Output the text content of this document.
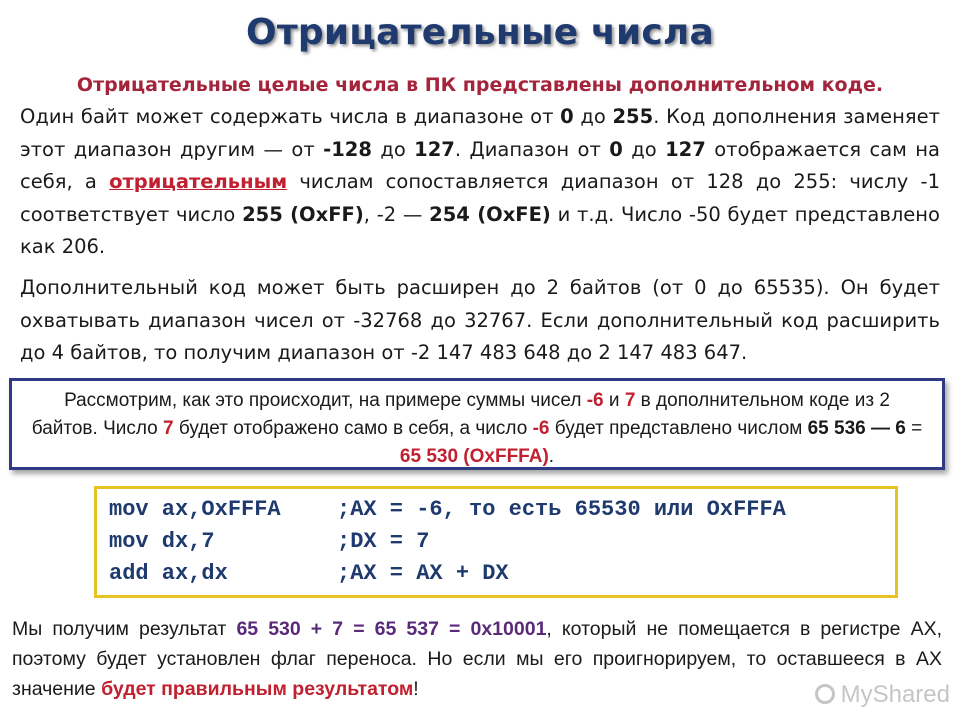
Отрицательные числа
Отрицательные целые числа в ПК представлены дополнительном коде.
Один байт может содержать числа в диапазоне от 0 до 255. Код дополнения заменяет этот диапазон другим — от -128 до 127. Диапазон от 0 до 127 отображается сам на себя, а отрицательным числам сопоставляется диапазон от 128 до 255: числу -1 соответствует число 255 (OxFF), -2 — 254 (OxFE) и т.д. Число -50 будет представлено как 206.
Дополнительный код может быть расширен до 2 байтов (от 0 до 65535). Он будет охватывать диапазон чисел от -32768 до 32767. Если дополнительный код расширить до 4 байтов, то получим диапазон от -2 147 483 648 до 2 147 483 647.
Рассмотрим, как это происходит, на примере суммы чисел -6 и 7 в дополнительном коде из 2 байтов. Число 7 будет отображено само в себя, а число -6 будет представлено числом 65 536 — 6 = 65 530 (OxFFFA).
mov ax,OxFFFA	;AX = -6, то есть 65530 или OxFFFA
mov dx,7	;DX = 7
add ax,dx	;AX = AX + DX
Мы получим результат 65 530 + 7 = 65 537 = 0x10001, который не помещается в регистре АХ, поэтому будет установлен флаг переноса. Но если мы его проигнорируем, то оставшееся в АХ значение будет правильным результатом!	MyShared
